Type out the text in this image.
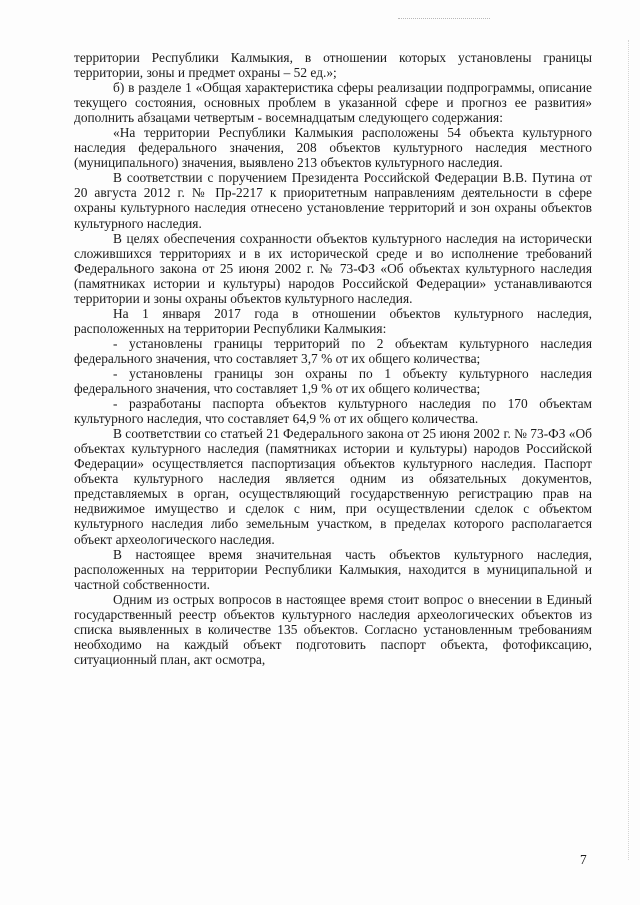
территории Республики Калмыкия, в отношении которых установлены границы территории, зоны и предмет охраны – 52 ед.»;

б) в разделе 1 «Общая характеристика сферы реализации подпрограммы, описание текущего состояния, основных проблем в указанной сфере и прогноз ее развития» дополнить абзацами четвертым - восемнадцатым следующего содержания:

«На территории Республики Калмыкия расположены 54 объекта культурного наследия федерального значения, 208 объектов культурного наследия местного (муниципального) значения, выявлено 213 объектов культурного наследия.

В соответствии с поручением Президента Российской Федерации В.В. Путина от 20 августа 2012 г. № Пр-2217 к приоритетным направлениям деятельности в сфере охраны культурного наследия отнесено установление территорий и зон охраны объектов культурного наследия.

В целях обеспечения сохранности объектов культурного наследия на исторически сложившихся территориях и в их исторической среде и во исполнение требований Федерального закона от 25 июня 2002 г. № 73-ФЗ «Об объектах культурного наследия (памятниках истории и культуры) народов Российской Федерации» устанавливаются территории и зоны охраны объектов культурного наследия.

На 1 января 2017 года в отношении объектов культурного наследия, расположенных на территории Республики Калмыкия:

- установлены границы территорий по 2 объектам культурного наследия федерального значения, что составляет 3,7 % от их общего количества;

- установлены границы зон охраны по 1 объекту культурного наследия федерального значения, что составляет 1,9 % от их общего количества;

- разработаны паспорта объектов культурного наследия по 170 объектам культурного наследия, что составляет 64,9 % от их общего количества.

В соответствии со статьей 21 Федерального закона от 25 июня 2002 г. № 73-ФЗ «Об объектах культурного наследия (памятниках истории и культуры) народов Российской Федерации» осуществляется паспортизация объектов культурного наследия. Паспорт объекта культурного наследия является одним из обязательных документов, представляемых в орган, осуществляющий государственную регистрацию прав на недвижимое имущество и сделок с ним, при осуществлении сделок с объектом культурного наследия либо земельным участком, в пределах которого располагается объект археологического наследия.

В настоящее время значительная часть объектов культурного наследия, расположенных на территории Республики Калмыкия, находится в муниципальной и частной собственности.

Одним из острых вопросов в настоящее время стоит вопрос о внесении в Единый государственный реестр объектов культурного наследия археологических объектов из списка выявленных в количестве 135 объектов. Согласно установленным требованиям необходимо на каждый объект подготовить паспорт объекта, фотофиксацию, ситуационный план, акт осмотра,

7
